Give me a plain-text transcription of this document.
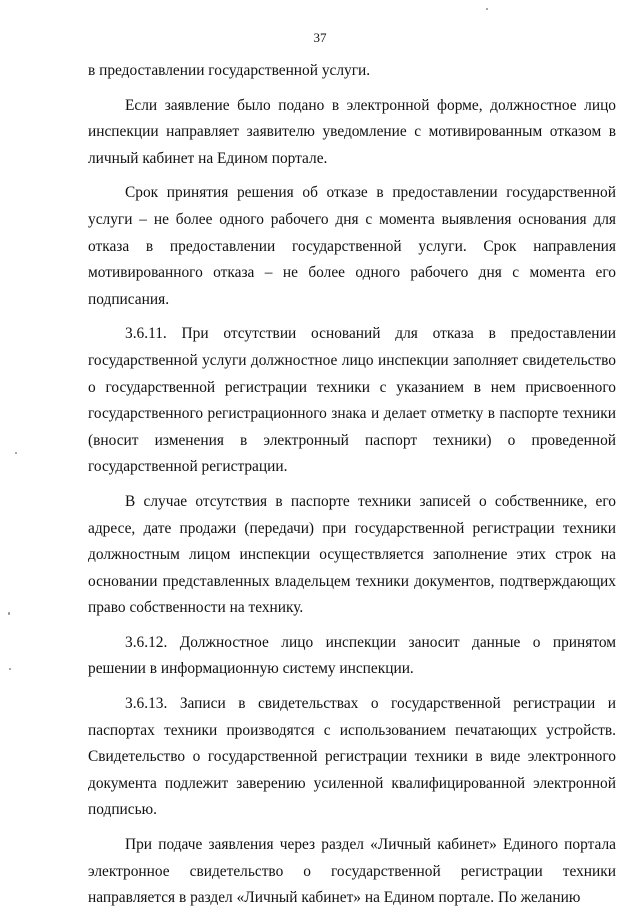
37

в предоставлении государственной услуги.

Если заявление было подано в электронной форме, должностное лицо инспекции направляет заявителю уведомление с мотивированным отказом в личный кабинет на Едином портале.

Срок принятия решения об отказе в предоставлении государственной услуги – не более одного рабочего дня с момента выявления основания для отказа в предоставлении государственной услуги. Срок направления мотивированного отказа – не более одного рабочего дня с момента его подписания.

3.6.11. При отсутствии оснований для отказа в предоставлении государственной услуги должностное лицо инспекции заполняет свидетельство о государственной регистрации техники с указанием в нем присвоенного государственного регистрационного знака и делает отметку в паспорте техники (вносит изменения в электронный паспорт техники) о проведенной государственной регистрации.

В случае отсутствия в паспорте техники записей о собственнике, его адресе, дате продажи (передачи) при государственной регистрации техники должностным лицом инспекции осуществляется заполнение этих строк на основании представленных владельцем техники документов, подтверждающих право собственности на технику.

3.6.12. Должностное лицо инспекции заносит данные о принятом решении в информационную систему инспекции.

3.6.13. Записи в свидетельствах о государственной регистрации и паспортах техники производятся с использованием печатающих устройств. Свидетельство о государственной регистрации техники в виде электронного документа подлежит заверению усиленной квалифицированной электронной подписью.

При подаче заявления через раздел «Личный кабинет» Единого портала электронное свидетельство о государственной регистрации техники направляется в раздел «Личный кабинет» на Едином портале. По желанию
